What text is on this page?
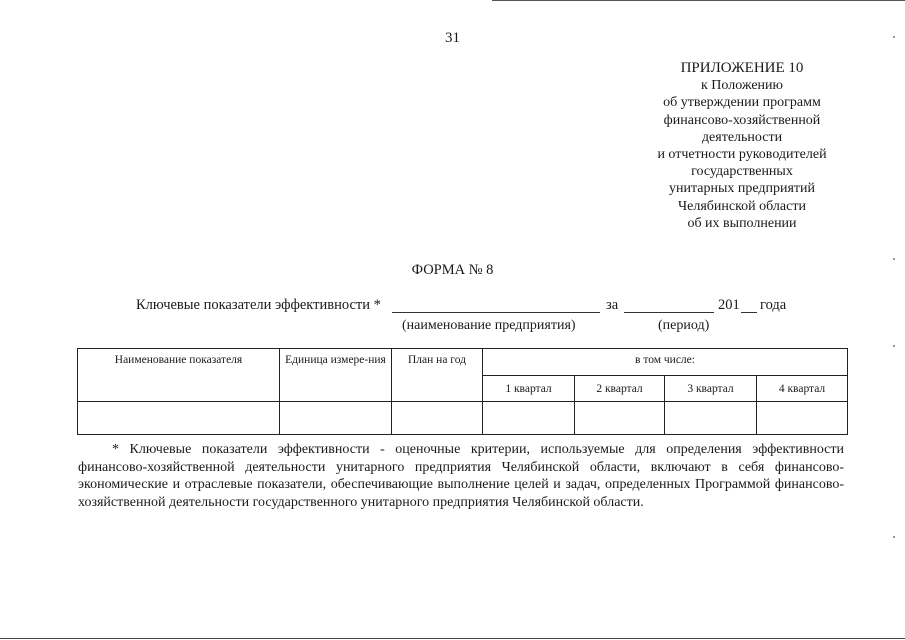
31
ПРИЛОЖЕНИЕ 10
к Положению
об утверждении программ
финансово-хозяйственной
деятельности
и отчетности руководителей
государственных
унитарных предприятий
Челябинской области
об их выполнении
ФОРМА № 8
Ключевые показатели эффективности *	за	201 года
(наименование предприятия)	(период)
Наименование показателя	Единица измере-ния	План на год	в том числе:			
			1 квартал	2 квартал	3 квартал	4 квартал

* Ключевые показатели эффективности - оценочные критерии, используемые для определения эффективности финансово-хозяйственной деятельности унитарного предприятия Челябинской области, включают в себя финансово-экономические и отраслевые показатели, обеспечивающие выполнение целей и задач, определенных Программой финансово-хозяйственной деятельности государственного унитарного предприятия Челябинской области.
